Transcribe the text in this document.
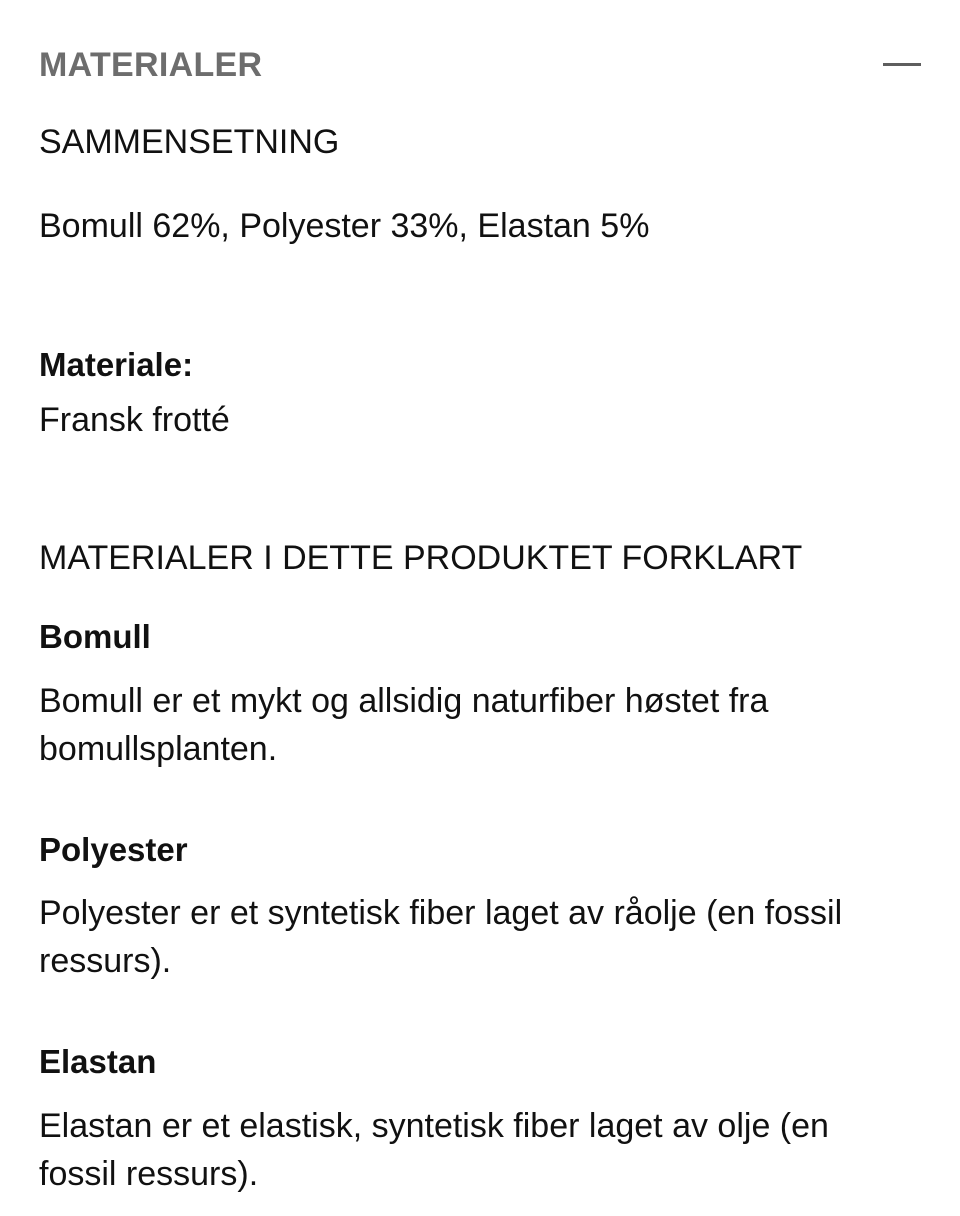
MATERIALER

SAMMENSETNING

Bomull 62%, Polyester 33%, Elastan 5%

Materiale:

Fransk frotté

MATERIALER I DETTE PRODUKTET FORKLART

Bomull

Bomull er et mykt og allsidig naturfiber høstet fra

bomullsplanten.

Polyester

Polyester er et syntetisk fiber laget av råolje (en fossil

ressurs).

Elastan

Elastan er et elastisk, syntetisk fiber laget av olje (en

fossil ressurs).
